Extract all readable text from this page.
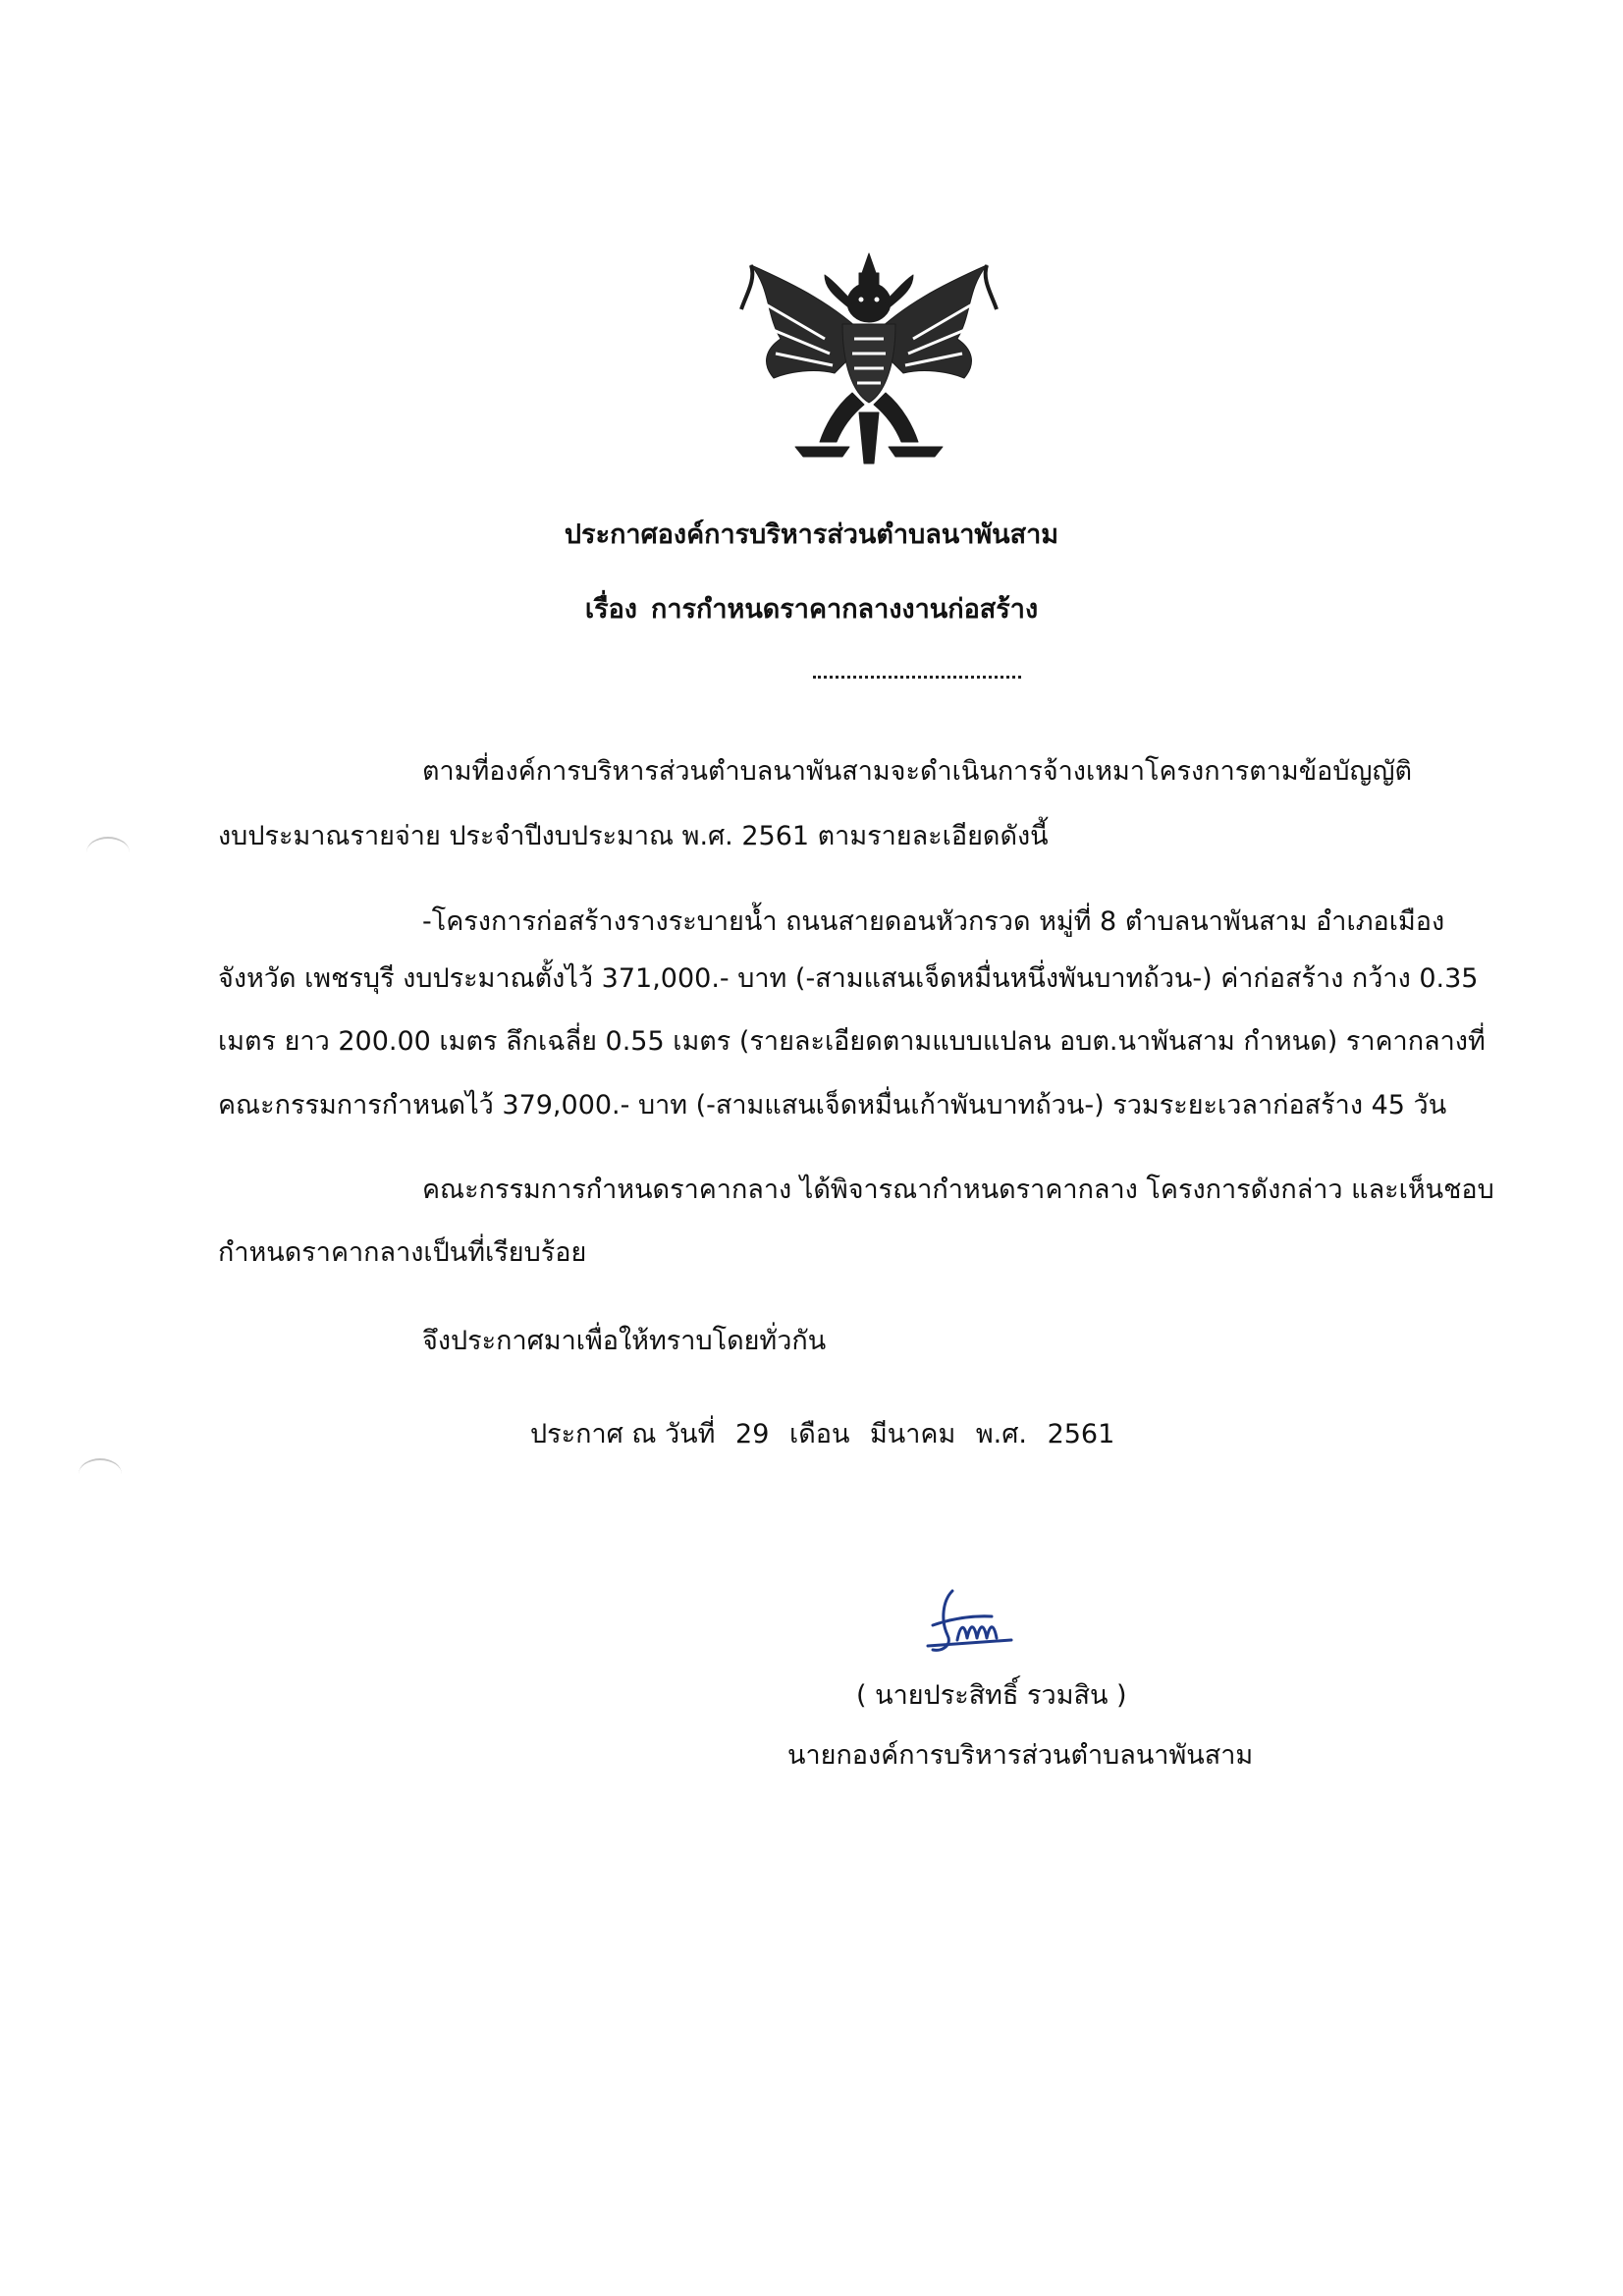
ประกาศองค์การบริหารส่วนตำบลนาพันสาม
เรื่อง การกำหนดราคากลางงานก่อสร้าง
ตามที่องค์การบริหารส่วนตำบลนาพันสามจะดำเนินการจ้างเหมาโครงการตามข้อบัญญัติ
งบประมาณรายจ่าย ประจำปีงบประมาณ พ.ศ. 2561 ตามรายละเอียดดังนี้
-โครงการก่อสร้างรางระบายน้ำ ถนนสายดอนหัวกรวด หมู่ที่ 8 ตำบลนาพันสาม อำเภอเมือง
จังหวัด เพชรบุรี งบประมาณตั้งไว้ 371,000.- บาท (-สามแสนเจ็ดหมื่นหนึ่งพันบาทถ้วน-) ค่าก่อสร้าง กว้าง 0.35
เมตร ยาว 200.00 เมตร ลึกเฉลี่ย 0.55 เมตร (รายละเอียดตามแบบแปลน อบต.นาพันสาม กำหนด) ราคากลางที่
คณะกรรมการกำหนดไว้ 379,000.- บาท (-สามแสนเจ็ดหมื่นเก้าพันบาทถ้วน-) รวมระยะเวลาก่อสร้าง 45 วัน
คณะกรรมการกำหนดราคากลาง ได้พิจารณากำหนดราคากลาง โครงการดังกล่าว และเห็นชอบ
กำหนดราคากลางเป็นที่เรียบร้อย
จึงประกาศมาเพื่อให้ทราบโดยทั่วกัน
ประกาศ ณ วันที่ 29 เดือน มีนาคม พ.ศ. 2561
( นายประสิทธิ์ รวมสิน )
นายกองค์การบริหารส่วนตำบลนาพันสาม
